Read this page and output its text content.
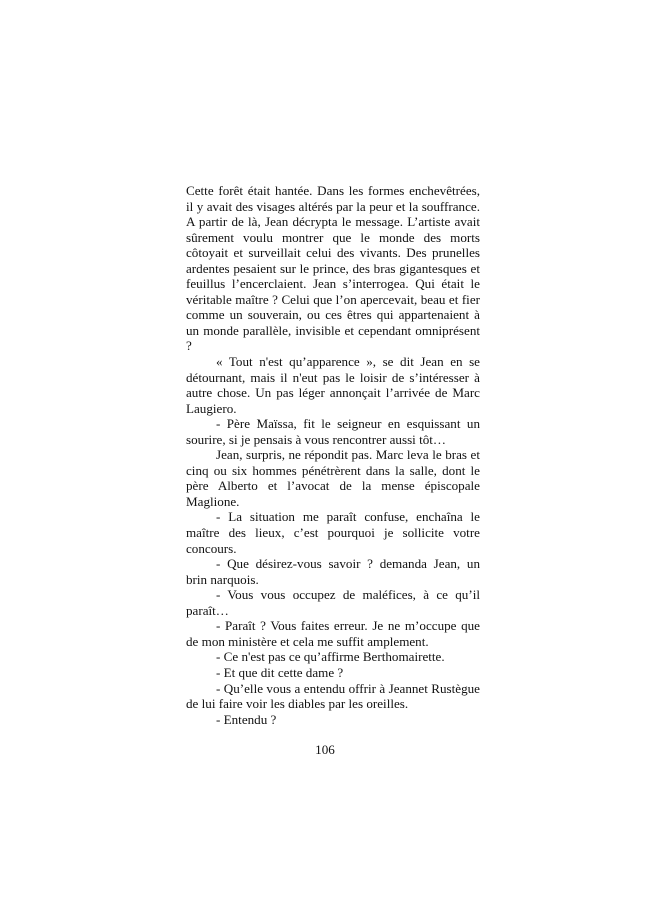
Cette forêt était hantée. Dans les formes enchevêtrées, il y avait des visages altérés par la peur et la souffrance. A partir de là, Jean décrypta le message. L’artiste avait sûrement voulu montrer que le monde des morts côtoyait et surveillait celui des vivants. Des prunelles ardentes pesaient sur le prince, des bras gigantesques et feuillus l’encerclaient. Jean s’interrogea. Qui était le véritable maître ? Celui que l’on apercevait, beau et fier comme un souverain, ou ces êtres qui appartenaient à un monde parallèle, invisible et cependant omniprésent ?

« Tout n'est qu’apparence », se dit Jean en se détournant, mais il n'eut pas le loisir de s’intéresser à autre chose. Un pas léger annonçait l’arrivée de Marc Laugiero.

- Père Maïssa, fit le seigneur en esquissant un sourire, si je pensais à vous rencontrer aussi tôt…

Jean, surpris, ne répondit pas. Marc leva le bras et cinq ou six hommes pénétrèrent dans la salle, dont le père Alberto et l’avocat de la mense épiscopale Maglione.

- La situation me paraît confuse, enchaîna le maître des lieux, c’est pourquoi je sollicite votre concours.

- Que désirez-vous savoir ? demanda Jean, un brin narquois.

- Vous vous occupez de maléfices, à ce qu’il paraît…

- Paraît ? Vous faites erreur. Je ne m’occupe que de mon ministère et cela me suffit amplement.

- Ce n'est pas ce qu’affirme Berthomairette.

- Et que dit cette dame ?

- Qu’elle vous a entendu offrir à Jeannet Rustègue de lui faire voir les diables par les oreilles.

- Entendu ?

106
